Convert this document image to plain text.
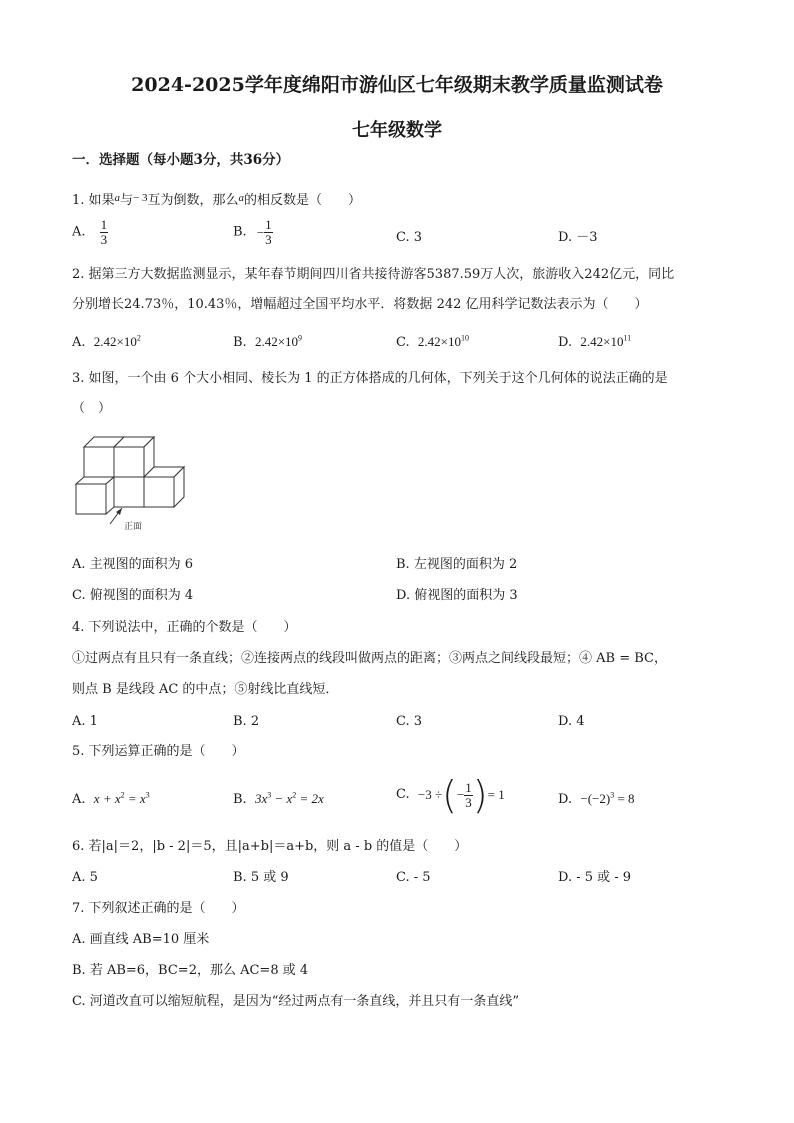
2024-2025学年度绵阳市游仙区七年级期末教学质量监测试卷
七年级数学
一．选择题（每小题3分，共36分）
1. 如果$^a$与$^{- 3}$互为倒数，那么$^a$的相反数是（　　）
A. $\frac{1}{3}$	B. − $\frac{1}{3}$	C. 3	D. －3
2. 据第三方大数据监测显示，某年春节期间四川省共接待游客5387.59万人次，旅游收入242亿元，同比
分别增长24.73％，10.43％，增幅超过全国平均水平．将数据 242 亿用科学记数法表示为（　　）
A. $2.42\times 10^2$	B. $2.42\times 10^9$	C. $2.42\times 10^{10}$	D. $2.42\times 10^{11}$
3. 如图，一个由 6 个大小相同、棱长为 1 的正方体搭成的几何体，下列关于这个几何体的说法正确的是
（　）
正面
A. 主视图的面积为 6	B. 左视图的面积为 2
C. 俯视图的面积为 4	D. 俯视图的面积为 3
4. 下列说法中，正确的个数是（　　）
①过两点有且只有一条直线；②连接两点的线段叫做两点的距离；③两点之间线段最短；④ AB = BC，
则点 B 是线段 AC 的中点；⑤射线比直线短．
A. 1	B. 2	C. 3	D. 4
5. 下列运算正确的是（　　）
A. $x + x^2 = x^3$	B. $3x^3 - x^2 = 2x$	C. −3 ÷(− $\frac{1}{3}$ )= 1	D. $-(-2)^3 = 8$
6. 若|a|＝2，|b - 2|＝5，且|a+b|＝a+b，则 a - b 的值是（　　）
A. 5	B. 5 或 9	C. - 5	D. - 5 或 - 9
7. 下列叙述正确的是（　　）
A. 画直线 AB=10 厘米
B. 若 AB=6，BC=2，那么 AC=8 或 4
C. 河道改直可以缩短航程，是因为“经过两点有一条直线，并且只有一条直线”
